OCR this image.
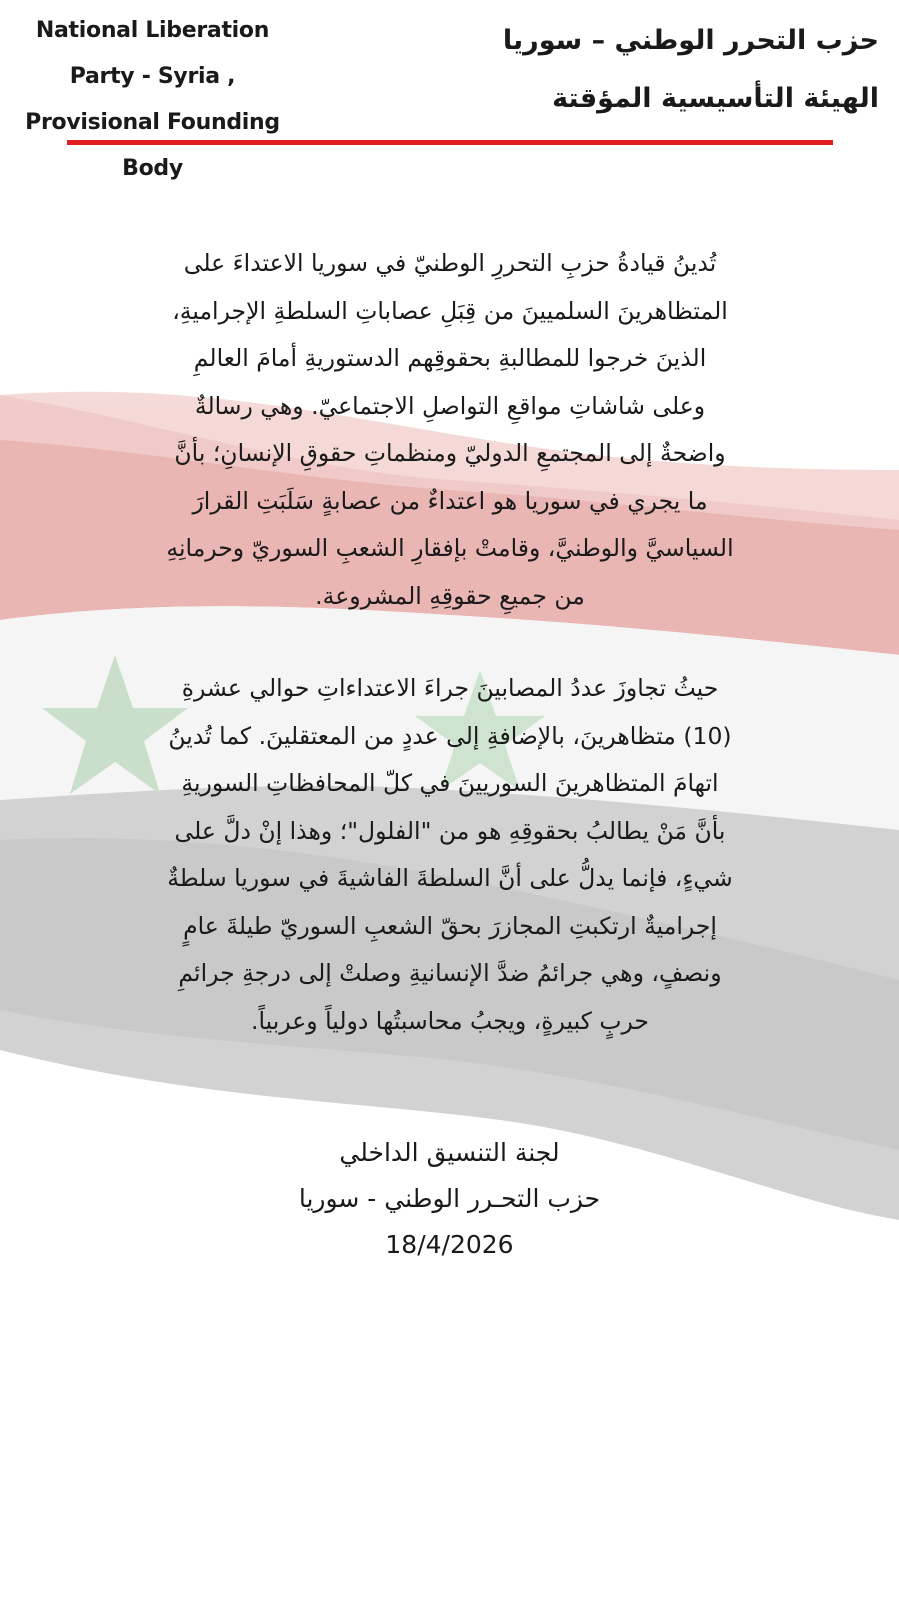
National Liberation
Party - Syria ,
Provisional Founding Body
حزب التحرر الوطني – سوريا
الهيئة التأسيسية المؤقتة
تُدينُ قيادةُ حزبِ التحررِ الوطنيّ في سوريا الاعتداءَ على
المتظاهرينَ السلميينَ من قِبَلِ عصاباتِ السلطةِ الإجراميةِ،
الذينَ خرجوا للمطالبةِ بحقوقِهم الدستوريةِ أمامَ العالمِ
وعلى شاشاتِ مواقعِ التواصلِ الاجتماعيّ. وهي رسالةٌ
واضحةٌ إلى المجتمعِ الدوليّ ومنظماتِ حقوقِ الإنسانِ؛ بأنَّ
ما يجري في سوريا هو اعتداءٌ من عصابةٍ سَلَبَتِ القرارَ
السياسيَّ والوطنيَّ، وقامتْ بإفقارِ الشعبِ السوريّ وحرمانِهِ
من جميعِ حقوقِهِ المشروعة.
حيثُ تجاوزَ عددُ المصابينَ جراءَ الاعتداءاتِ حوالي عشرةِ
(10) متظاهرينَ، بالإضافةِ إلى عددٍ من المعتقلينَ. كما تُدينُ
اتهامَ المتظاهرينَ السوريينَ في كلّ المحافظاتِ السوريةِ
بأنَّ مَنْ يطالبُ بحقوقِهِ هو من "الفلول"؛ وهذا إنْ دلَّ على
شيءٍ، فإنما يدلُّ على أنَّ السلطةَ الفاشيةَ في سوريا سلطةٌ
إجراميةٌ ارتكبتِ المجازرَ بحقّ الشعبِ السوريّ طيلةَ عامٍ
ونصفٍ، وهي جرائمُ ضدَّ الإنسانيةِ وصلتْ إلى درجةِ جرائمِ
حربٍ كبيرةٍ، ويجبُ محاسبتُها دولياً وعربياً.
لجنة التنسيق الداخلي
حزب التحـرر الوطني - سوريا
18/4/2026
